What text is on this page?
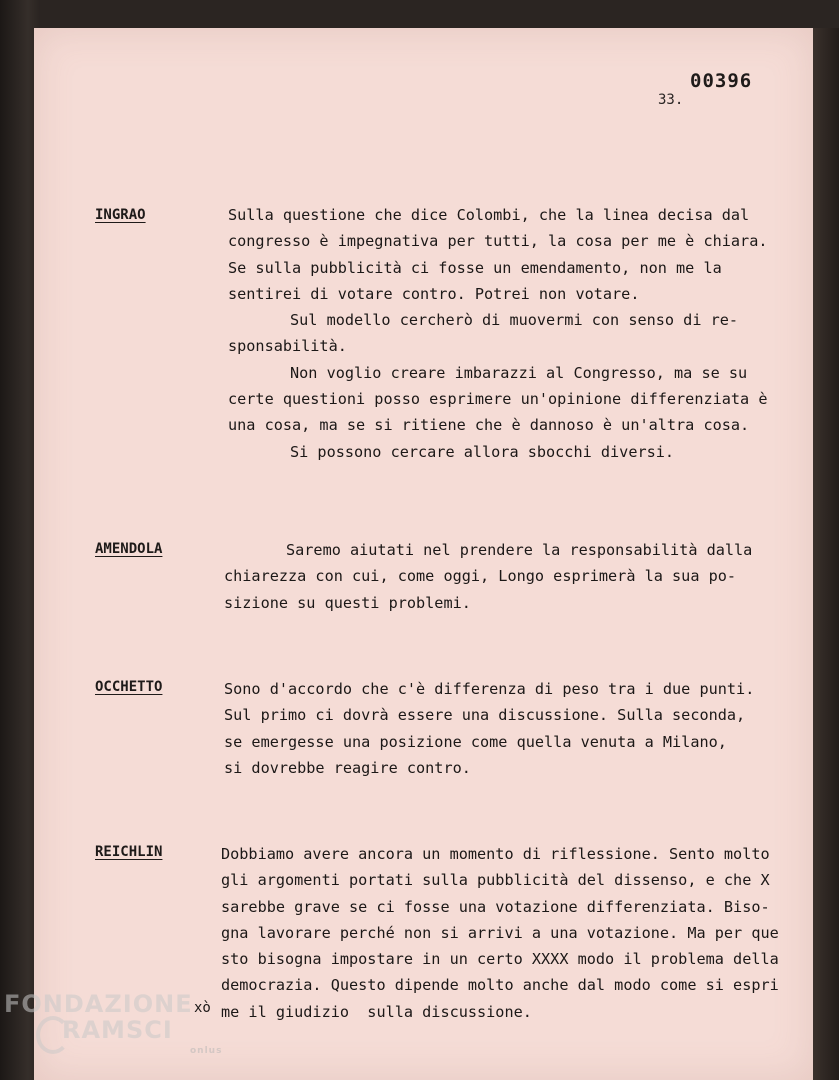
00396
33.
INGRAO	Sulla questione che dice Colombi, che la linea decisa dal
congresso è impegnativa per tutti, la cosa per me è chiara.
Se sulla pubblicità ci fosse un emendamento, non me la
sentirei di votare contro. Potrei non votare.
Sul modello cercherò di muovermi con senso di re-
sponsabilità.
Non voglio creare imbarazzi al Congresso, ma se su
certe questioni posso esprimere un'opinione differenziata è
una cosa, ma se si ritiene che è dannoso è un'altra cosa.
Si possono cercare allora sbocchi diversi.
AMENDOLA	Saremo aiutati nel prendere la responsabilità dalla
chiarezza con cui, come oggi, Longo esprimerà la sua po-
sizione su questi problemi.
OCCHETTO	Sono d'accordo che c'è differenza di peso tra i due punti.
Sul primo ci dovrà essere una discussione. Sulla seconda,
se emergesse una posizione come quella venuta a Milano,
si dovrebbe reagire contro.
REICHLIN	Dobbiamo avere ancora un momento di riflessione. Sento molto
gli argomenti portati sulla pubblicità del dissenso, e che X
sarebbe grave se ci fosse una votazione differenziata. Biso-
gna lavorare perché non si arrivi a una votazione. Ma per que
sto bisogna impostare in un certo XXXX modo il problema della
democrazia. Questo dipende molto anche dal modo come si espri
me il giudizio  sulla discussione.
xò
FONDAZIONE
RAMSCI
onlus
